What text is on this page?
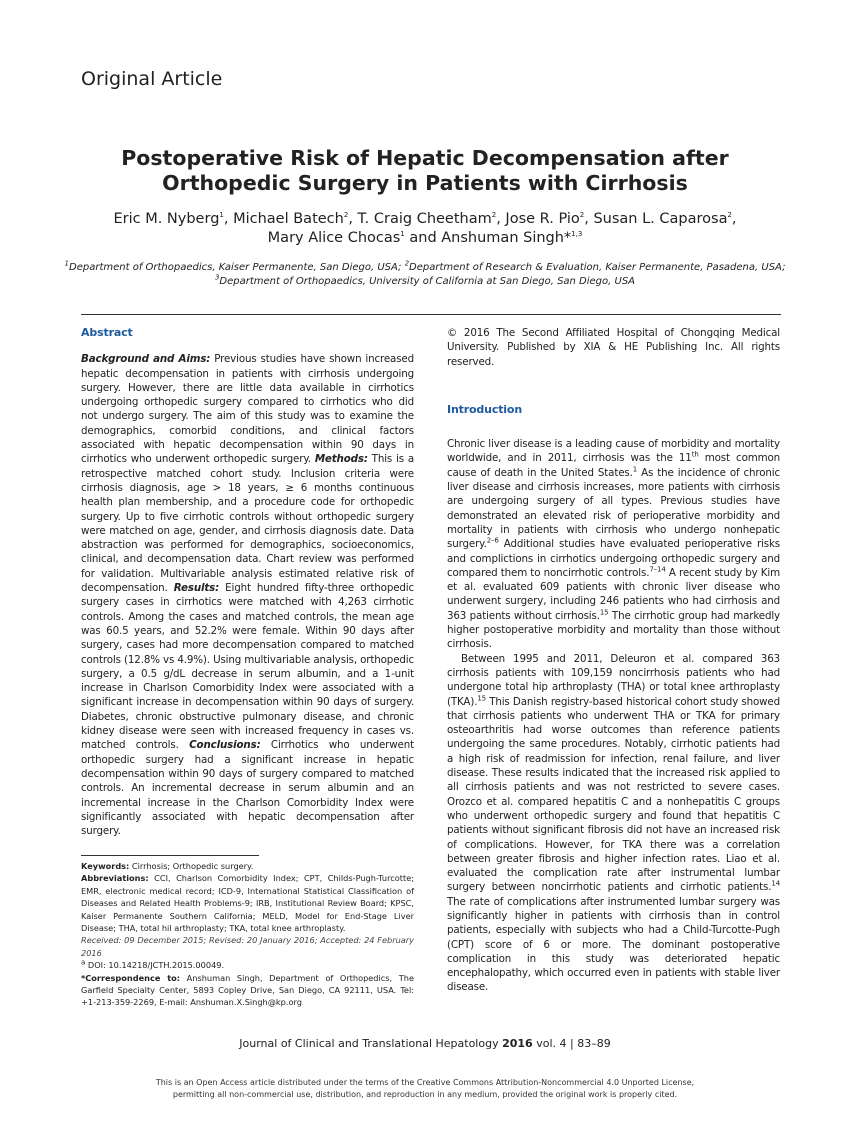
Original Article
Postoperative Risk of Hepatic Decompensation after
Orthopedic Surgery in Patients with Cirrhosis
Eric M. Nyberg$^1$, Michael Batech$^2$, T. Craig Cheetham$^2$, Jose R. Pio$^2$, Susan L. Caparosa$^2$,
Mary Alice Chocas$^1$ and Anshuman Singh*$^{1,3}$
$^1$Department of Orthopaedics, Kaiser Permanente, San Diego, USA; $^2$Department of Research & Evaluation, Kaiser Permanente, Pasadena, USA; $^3$Department of Orthopaedics, University of California at San Diego, San Diego, USA
Abstract

Background and Aims: Previous studies have shown increased hepatic decompensation in patients with cirrhosis undergoing surgery. However, there are little data available in cirrhotics undergoing orthopedic surgery compared to cirrhotics who did not undergo surgery. The aim of this study was to examine the demographics, comorbid conditions, and clinical factors associated with hepatic decompensation within 90 days in cirrhotics who underwent orthopedic surgery. Methods: This is a retrospective matched cohort study. Inclusion criteria were cirrhosis diagnosis, age > 18 years, ≥ 6 months continuous health plan membership, and a procedure code for orthopedic surgery. Up to five cirrhotic controls without orthopedic surgery were matched on age, gender, and cirrhosis diagnosis date. Data abstraction was performed for demographics, socioeconomics, clinical, and decompensation data. Chart review was performed for validation. Multivariable analysis estimated relative risk of decompensation. Results: Eight hundred fifty-three orthopedic surgery cases in cirrhotics were matched with 4,263 cirrhotic controls. Among the cases and matched controls, the mean age was 60.5 years, and 52.2% were female. Within 90 days after surgery, cases had more decompensation compared to matched controls (12.8% vs 4.9%). Using multivariable analysis, orthopedic surgery, a 0.5 g/dL decrease in serum albumin, and a 1-unit increase in Charlson Comorbidity Index were associated with a significant increase in decompensation within 90 days of surgery. Diabetes, chronic obstructive pulmonary disease, and chronic kidney disease were seen with increased frequency in cases vs. matched controls. Conclusions: Cirrhotics who underwent orthopedic surgery had a significant increase in hepatic decompensation within 90 days of surgery compared to matched controls. An incremental decrease in serum albumin and an incremental increase in the Charlson Comorbidity Index were significantly associated with hepatic decompensation after surgery.

Keywords: Cirrhosis; Orthopedic surgery.
Abbreviations: CCI, Charlson Comorbidity Index; CPT, Childs-Pugh-Turcotte; EMR, electronic medical record; ICD-9, International Statistical Classification of Diseases and Related Health Problems-9; IRB, Institutional Review Board; KPSC, Kaiser Permanente Southern California; MELD, Model for End-Stage Liver Disease; THA, total hil arthroplasty; TKA, total knee arthroplasty.
Received: 09 December 2015; Revised: 20 January 2016; Accepted: 24 February 2016
$^a$ DOI: 10.14218/JCTH.2015.00049.
*Correspondence to: Anshuman Singh, Department of Orthopedics, The Garfield Specialty Center, 5893 Copley Drive, San Diego, CA 92111, USA. Tel: +1-213-359-2269, E-mail: Anshuman.X.Singh@kp.org

© 2016 The Second Affiliated Hospital of Chongqing Medical University. Published by XIA & HE Publishing Inc. All rights reserved.

Introduction

Chronic liver disease is a leading cause of morbidity and mortality worldwide, and in 2011, cirrhosis was the 11th most common cause of death in the United States.$^1$ As the incidence of chronic liver disease and cirrhosis increases, more patients with cirrhosis are undergoing surgery of all types. Previous studies have demonstrated an elevated risk of perioperative morbidity and mortality in patients with cirrhosis who undergo nonhepatic surgery.$^{2-6}$ Additional studies have evaluated perioperative risks and complictions in cirrhotics undergoing orthopedic surgery and compared them to noncirrhotic controls.$^{7-14}$ A recent study by Kim et al. evaluated 609 patients with chronic liver disease who underwent surgery, including 246 patients who had cirrhosis and 363 patients without cirrhosis.$^{15}$ The cirrhotic group had markedly higher postoperative morbidity and mortality than those without cirrhosis.

Between 1995 and 2011, Deleuron et al. compared 363 cirrhosis patients with 109,159 noncirrhosis patients who had undergone total hip arthroplasty (THA) or total knee arthroplasty (TKA).$^{15}$ This Danish registry-based historical cohort study showed that cirrhosis patients who underwent THA or TKA for primary osteoarthritis had worse outcomes than reference patients undergoing the same procedures. Notably, cirrhotic patients had a high risk of readmission for infection, renal failure, and liver disease. These results indicated that the increased risk applied to all cirrhosis patients and was not restricted to severe cases. Orozco et al. compared hepatitis C and a nonhepatitis C groups who underwent orthopedic surgery and found that hepatitis C patients without significant fibrosis did not have an increased risk of complications. However, for TKA there was a correlation between greater fibrosis and higher infection rates. Liao et al. evaluated the complication rate after instrumental lumbar surgery between noncirrhotic patients and cirrhotic patients.$^{14}$ The rate of complications after instrumented lumbar surgery was significantly higher in patients with cirrhosis than in control patients, especially with subjects who had a Child-Turcotte-Pugh (CPT) score of 6 or more. The dominant postoperative complication in this study was deteriorated hepatic encephalopathy, which occurred even in patients with stable liver disease.

Journal of Clinical and Translational Hepatology 2016 vol. 4 | 83–89
This is an Open Access article distributed under the terms of the Creative Commons Attribution-Noncommercial 4.0 Unported License,
permitting all non-commercial use, distribution, and reproduction in any medium, provided the original work is properly cited.
